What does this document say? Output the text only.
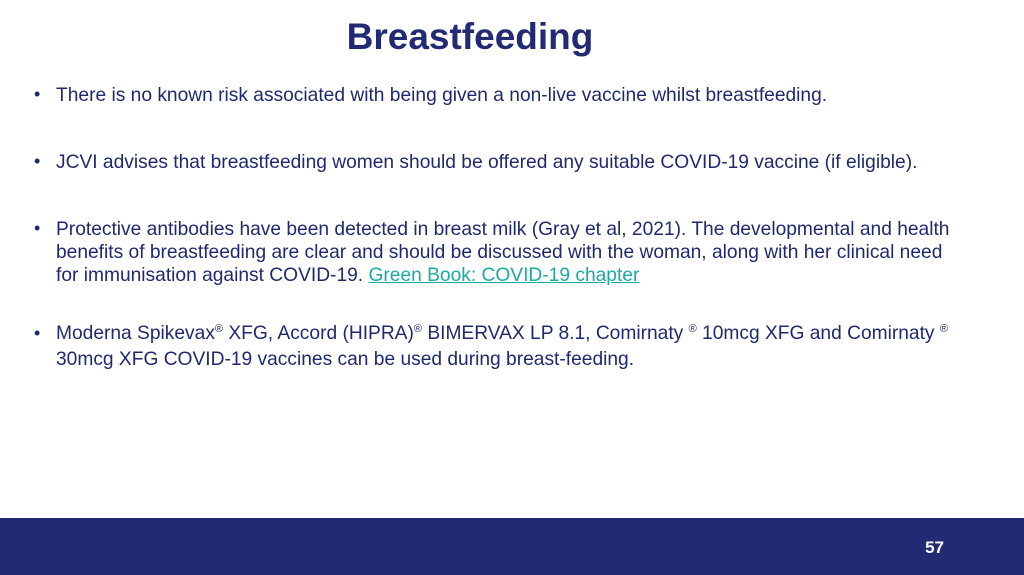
Breastfeeding
• There is no known risk associated with being given a non-live vaccine whilst breastfeeding.
• JCVI advises that breastfeeding women should be offered any suitable COVID-19 vaccine (if eligible).
• Protective antibodies have been detected in breast milk (Gray et al, 2021). The developmental and health benefits of breastfeeding are clear and should be discussed with the woman, along with her clinical need for immunisation against COVID-19. Green Book: COVID-19 chapter
• Moderna Spikevax® XFG, Accord (HIPRA)® BIMERVAX LP 8.1, Comirnaty ® 10mcg XFG and Comirnaty ® 30mcg XFG COVID-19 vaccines can be used during breast-feeding.
57
